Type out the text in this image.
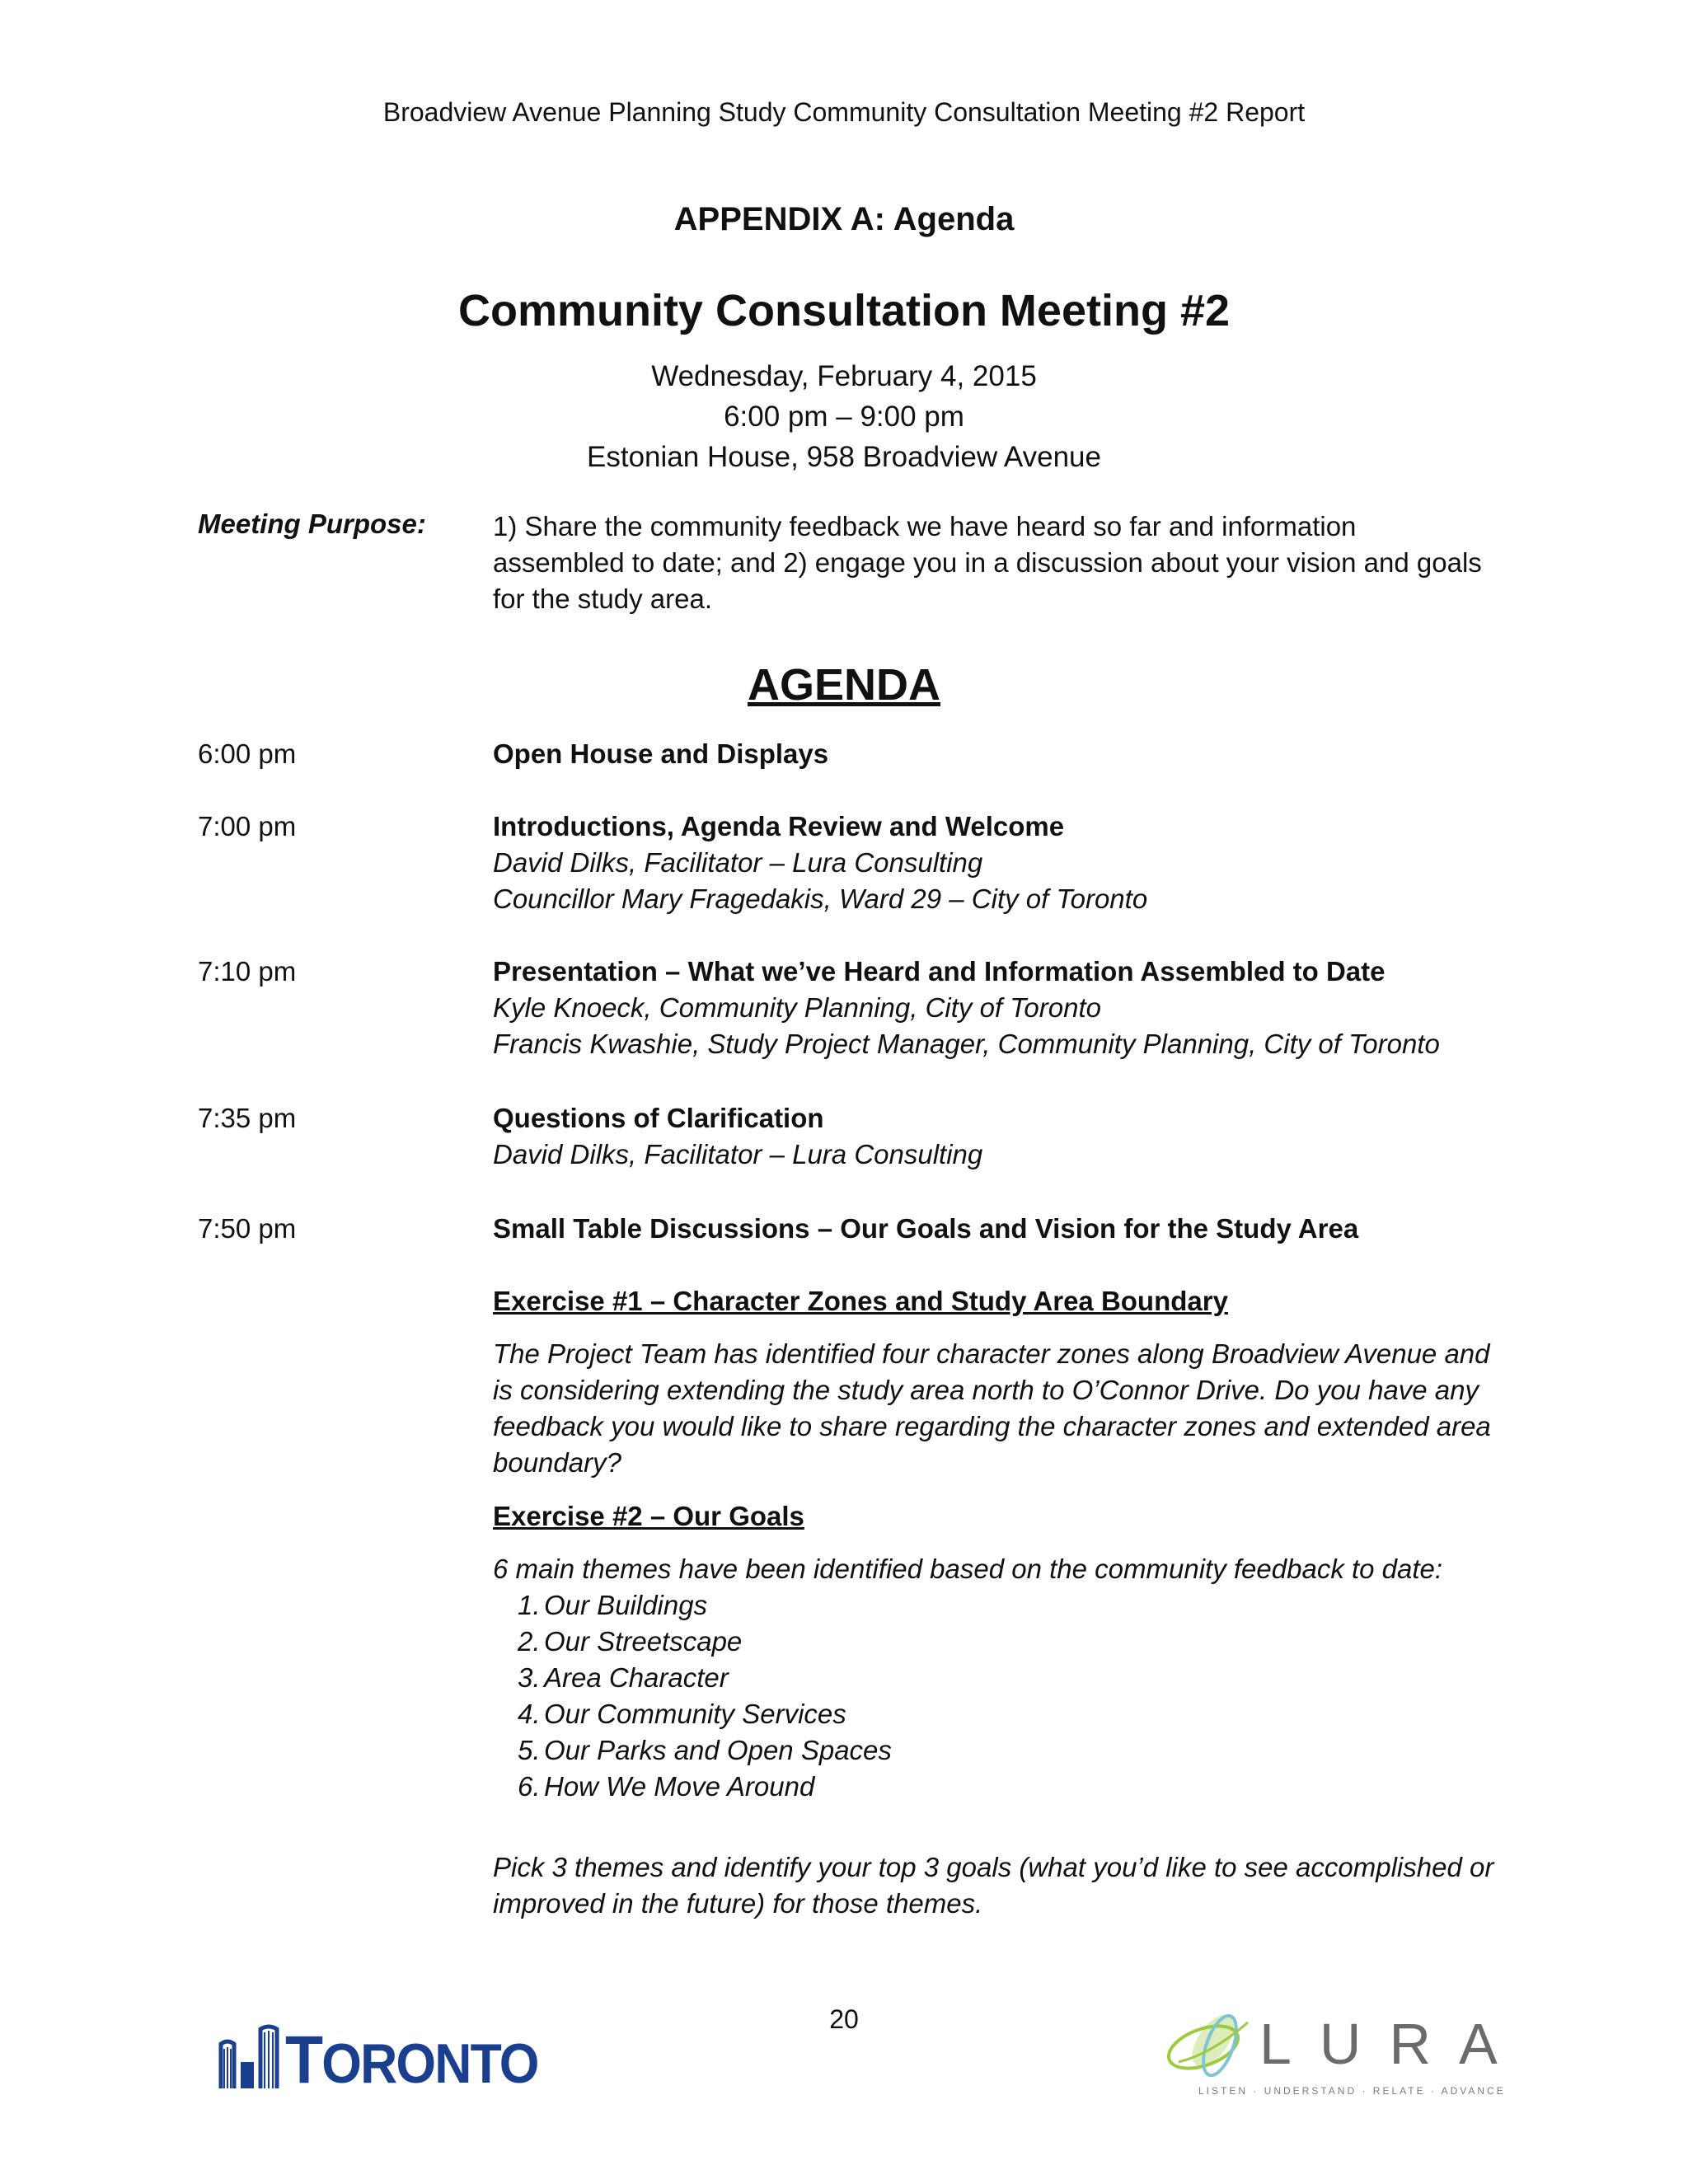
Broadview Avenue Planning Study Community Consultation Meeting #2 Report
APPENDIX A: Agenda
Community Consultation Meeting #2
Wednesday, February 4, 2015
6:00 pm – 9:00 pm
Estonian House, 958 Broadview Avenue
Meeting Purpose: 1) Share the community feedback we have heard so far and information assembled to date; and 2) engage you in a discussion about your vision and goals for the study area.
AGENDA
6:00 pm	Open House and Displays
7:00 pm	Introductions, Agenda Review and Welcome
David Dilks, Facilitator – Lura Consulting
Councillor Mary Fragedakis, Ward 29 – City of Toronto
7:10 pm	Presentation – What we’ve Heard and Information Assembled to Date
Kyle Knoeck, Community Planning, City of Toronto
Francis Kwashie, Study Project Manager, Community Planning, City of Toronto
7:35 pm	Questions of Clarification
David Dilks, Facilitator – Lura Consulting
7:50 pm	Small Table Discussions – Our Goals and Vision for the Study Area
Exercise #1 – Character Zones and Study Area Boundary
The Project Team has identified four character zones along Broadview Avenue and is considering extending the study area north to O’Connor Drive. Do you have any feedback you would like to share regarding the character zones and extended area boundary?
Exercise #2 – Our Goals
6 main themes have been identified based on the community feedback to date:
1. Our Buildings
2. Our Streetscape
3. Area Character
4. Our Community Services
5. Our Parks and Open Spaces
6. How We Move Around
Pick 3 themes and identify your top 3 goals (what you’d like to see accomplished or improved in the future) for those themes.
20
TORONTO	LURA
LISTEN · UNDERSTAND · RELATE · ADVANCE
